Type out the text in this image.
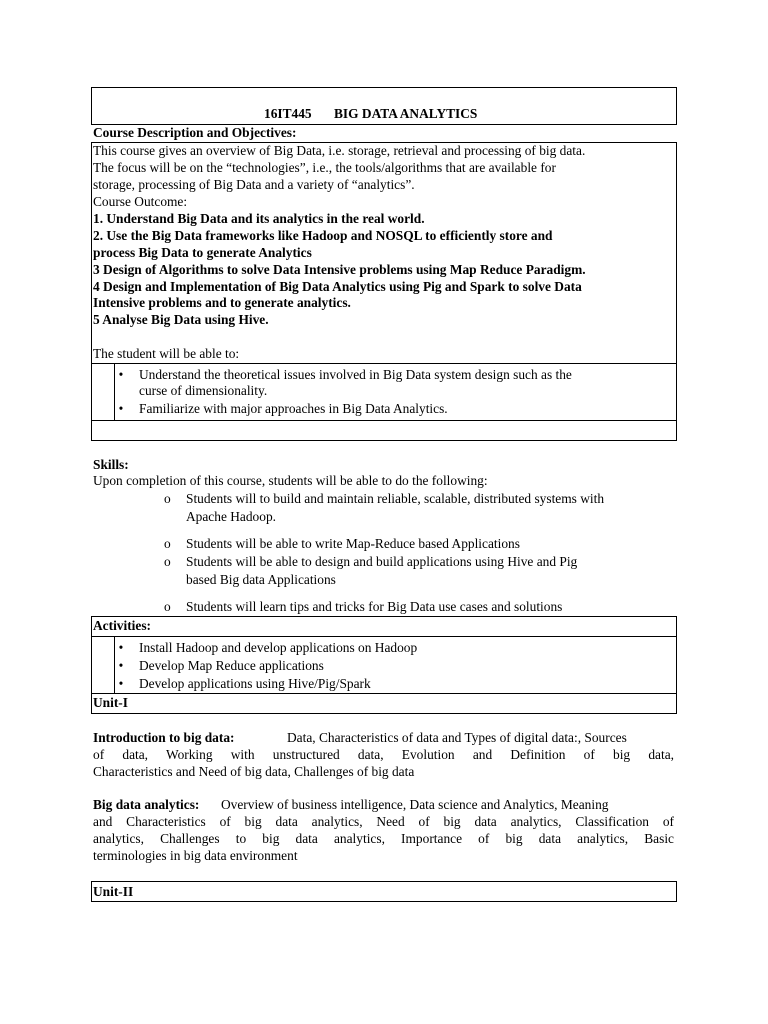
16IT445 BIG DATA ANALYTICS
Course Description and Objectives:
This course gives an overview of Big Data, i.e. storage, retrieval and processing of big data.
The focus will be on the “technologies”, i.e., the tools/algorithms that are available for
storage, processing of Big Data and a variety of “analytics”.
Course Outcome:
1. Understand Big Data and its analytics in the real world.
2. Use the Big Data frameworks like Hadoop and NOSQL to efficiently store and
process Big Data to generate Analytics
3 Design of Algorithms to solve Data Intensive problems using Map Reduce Paradigm.
4 Design and Implementation of Big Data Analytics using Pig and Spark to solve Data
Intensive problems and to generate analytics.
5 Analyse Big Data using Hive.
The student will be able to:
•	Understand the theoretical issues involved in Big Data system design such as the
curse of dimensionality.
•	Familiarize with major approaches in Big Data Analytics.
Skills:
Upon completion of this course, students will be able to do the following:
o Students will to build and maintain reliable, scalable, distributed systems with
Apache Hadoop.
o Students will be able to write Map-Reduce based Applications
o Students will be able to design and build applications using Hive and Pig
based Big data Applications
o Students will learn tips and tricks for Big Data use cases and solutions
Activities:
•	Install Hadoop and develop applications on Hadoop
•	Develop Map Reduce applications
•	Develop applications using Hive/Pig/Spark
Unit-I
Introduction to big data:	Data, Characteristics of data and Types of digital data:, Sources
of data, Working with unstructured data, Evolution and Definition of big data,
Characteristics and Need of big data, Challenges of big data
Big data analytics: Overview of business intelligence, Data science and Analytics, Meaning
and Characteristics of big data analytics, Need of big data analytics, Classification of
analytics, Challenges to big data analytics, Importance of big data analytics, Basic
terminologies in big data environment
Unit-II
